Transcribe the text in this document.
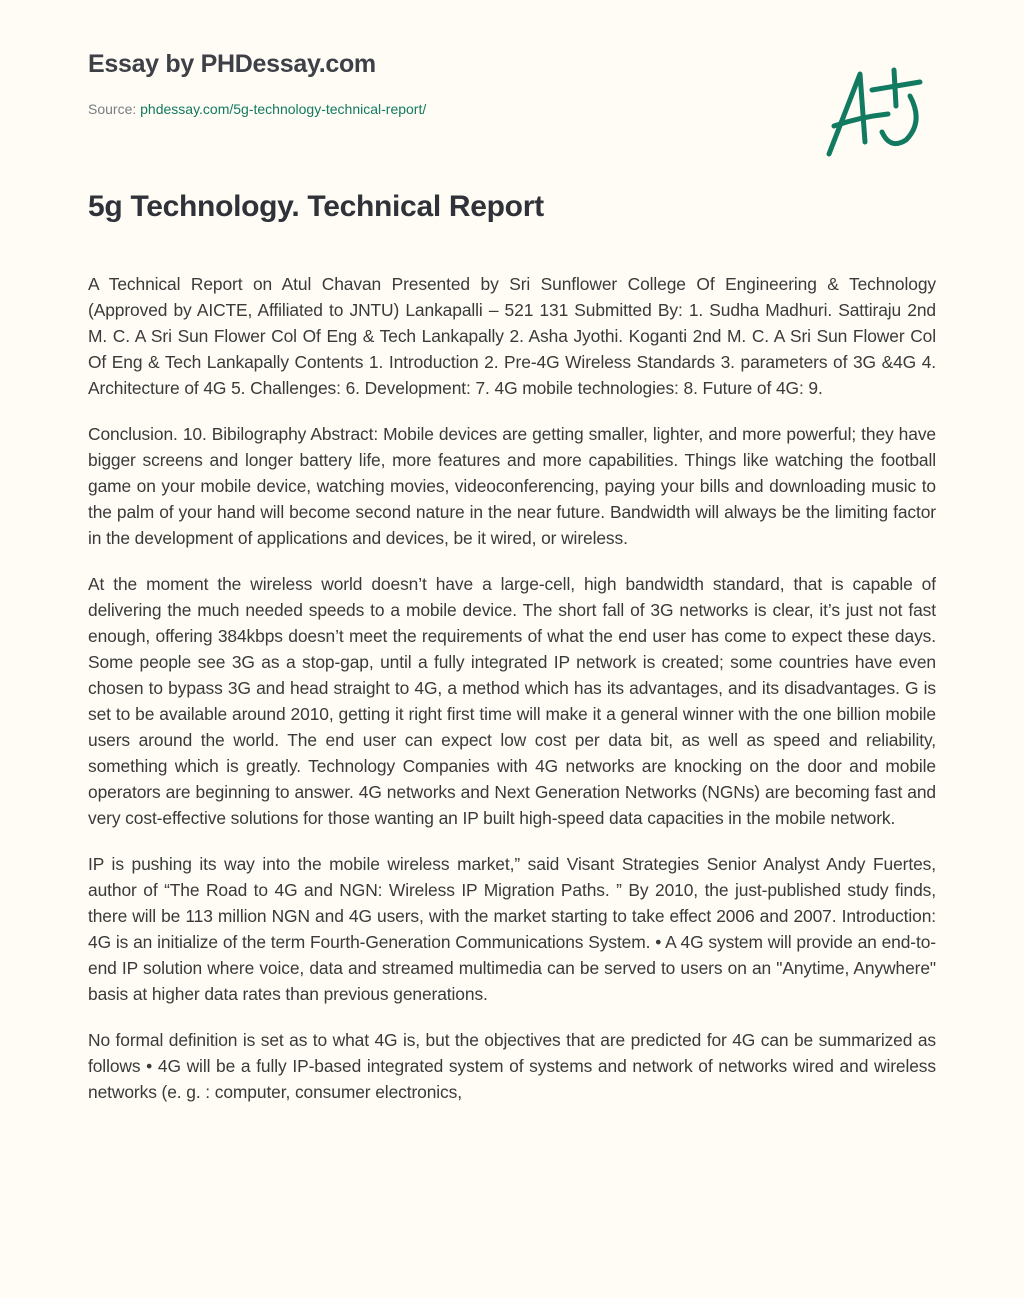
Essay by PHDessay.com
Source: phdessay.com/5g-technology-technical-report/
5g Technology. Technical Report

A Technical Report on Atul Chavan Presented by Sri Sunflower College Of Engineering & Technology (Approved by AICTE, Affiliated to JNTU) Lankapalli – 521 131 Submitted By: 1. Sudha Madhuri. Sattiraju 2nd M. C. A Sri Sun Flower Col Of Eng & Tech Lankapally 2. Asha Jyothi. Koganti 2nd M. C. A Sri Sun Flower Col Of Eng & Tech Lankapally Contents 1. Introduction 2. Pre-4G Wireless Standards 3. parameters of 3G &4G 4. Architecture of 4G 5. Challenges: 6. Development: 7. 4G mobile technologies: 8. Future of 4G: 9.

Conclusion. 10. Bibilography Abstract: Mobile devices are getting smaller, lighter, and more powerful; they have bigger screens and longer battery life, more features and more capabilities. Things like watching the football game on your mobile device, watching movies, videoconferencing, paying your bills and downloading music to the palm of your hand will become second nature in the near future. Bandwidth will always be the limiting factor in the development of applications and devices, be it wired, or wireless.

At the moment the wireless world doesn’t have a large-cell, high bandwidth standard, that is capable of delivering the much needed speeds to a mobile device. The short fall of 3G networks is clear, it’s just not fast enough, offering 384kbps doesn’t meet the requirements of what the end user has come to expect these days. Some people see 3G as a stop-gap, until a fully integrated IP network is created; some countries have even chosen to bypass 3G and head straight to 4G, a method which has its advantages, and its disadvantages. G is set to be available around 2010, getting it right first time will make it a general winner with the one billion mobile users around the world. The end user can expect low cost per data bit, as well as speed and reliability, something which is greatly. Technology Companies with 4G networks are knocking on the door and mobile operators are beginning to answer. 4G networks and Next Generation Networks (NGNs) are becoming fast and very cost-effective solutions for those wanting an IP built high-speed data capacities in the mobile network.

IP is pushing its way into the mobile wireless market,” said Visant Strategies Senior Analyst Andy Fuertes, author of “The Road to 4G and NGN: Wireless IP Migration Paths. ” By 2010, the just-published study finds, there will be 113 million NGN and 4G users, with the market starting to take effect 2006 and 2007. Introduction: 4G is an initialize of the term Fourth-Generation Communications System. • A 4G system will provide an end-to-end IP solution where voice, data and streamed multimedia can be served to users on an "Anytime, Anywhere" basis at higher data rates than previous generations.

No formal definition is set as to what 4G is, but the objectives that are predicted for 4G can be summarized as follows • 4G will be a fully IP-based integrated system of systems and network of networks wired and wireless networks (e. g. : computer, consumer electronics,
